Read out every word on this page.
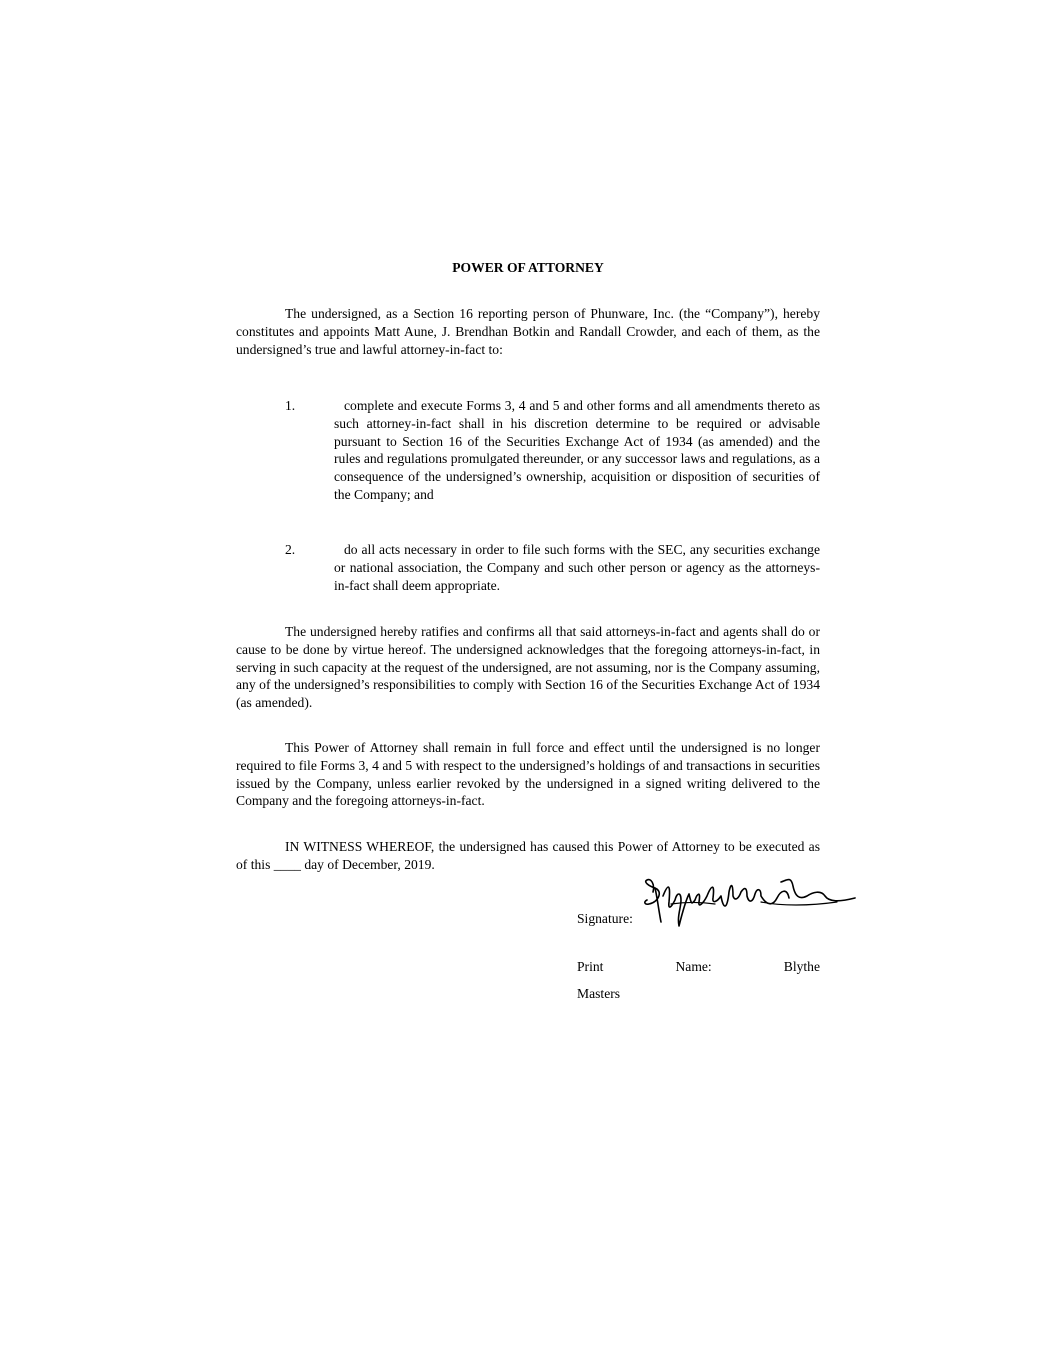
POWER OF ATTORNEY

The undersigned, as a Section 16 reporting person of Phunware, Inc. (the “Company”), hereby constitutes and appoints Matt Aune, J. Brendhan Botkin and Randall Crowder, and each of them, as the undersigned’s true and lawful attorney-in-fact to:

1.	complete and execute Forms 3, 4 and 5 and other forms and all amendments thereto as such attorney-in-fact shall in his discretion determine to be required or advisable pursuant to Section 16 of the Securities Exchange Act of 1934 (as amended) and the rules and regulations promulgated thereunder, or any successor laws and regulations, as a consequence of the undersigned’s ownership, acquisition or disposition of securities of the Company; and
2.	do all acts necessary in order to file such forms with the SEC, any securities exchange or national association, the Company and such other person or agency as the attorneys-in-fact shall deem appropriate.

The undersigned hereby ratifies and confirms all that said attorneys-in-fact and agents shall do or cause to be done by virtue hereof. The undersigned acknowledges that the foregoing attorneys-in-fact, in serving in such capacity at the request of the undersigned, are not assuming, nor is the Company assuming, any of the undersigned’s responsibilities to comply with Section 16 of the Securities Exchange Act of 1934 (as amended).

This Power of Attorney shall remain in full force and effect until the undersigned is no longer required to file Forms 3, 4 and 5 with respect to the undersigned’s holdings of and transactions in securities issued by the Company, unless earlier revoked by the undersigned in a signed writing delivered to the Company and the foregoing attorneys-in-fact.

IN WITNESS WHEREOF, the undersigned has caused this Power of Attorney to be executed as of this ____ day of December, 2019.

Signature:
Print	Name:	Blythe
Masters
